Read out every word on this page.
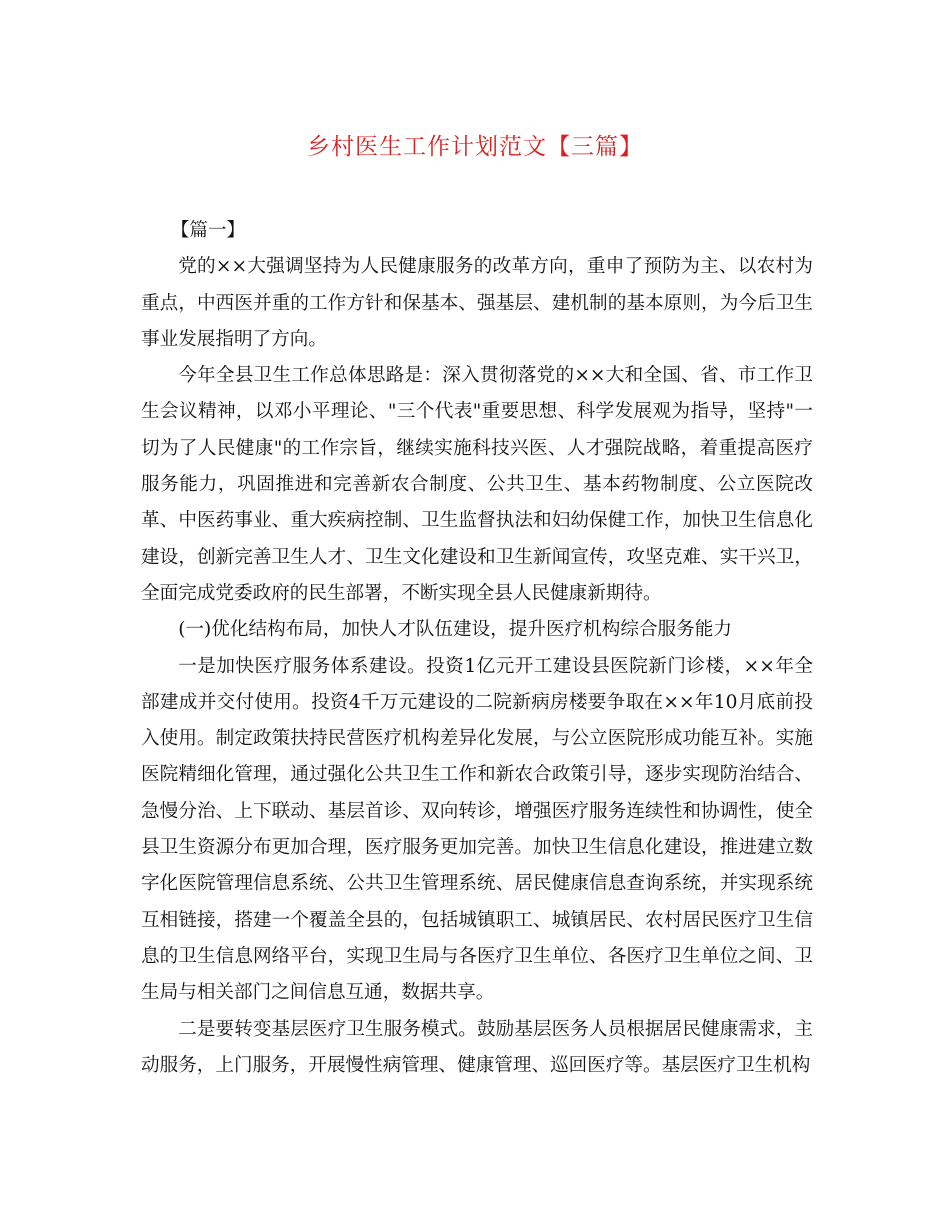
乡村医生工作计划范文【三篇】

【篇一】

党的××大强调坚持为人民健康服务的改革方向，重申了预防为主、以农村为重点，中西医并重的工作方针和保基本、强基层、建机制的基本原则，为今后卫生事业发展指明了方向。

今年全县卫生工作总体思路是：深入贯彻落党的××大和全国、省、市工作卫生会议精神，以邓小平理论、"三个代表"重要思想、科学发展观为指导，坚持"一切为了人民健康"的工作宗旨，继续实施科技兴医、人才强院战略，着重提高医疗服务能力，巩固推进和完善新农合制度、公共卫生、基本药物制度、公立医院改革、中医药事业、重大疾病控制、卫生监督执法和妇幼保健工作，加快卫生信息化建设，创新完善卫生人才、卫生文化建设和卫生新闻宣传，攻坚克难、实干兴卫，全面完成党委政府的民生部署，不断实现全县人民健康新期待。

(一)优化结构布局，加快人才队伍建设，提升医疗机构综合服务能力

一是加快医疗服务体系建设。投资1亿元开工建设县医院新门诊楼，××年全部建成并交付使用。投资4千万元建设的二院新病房楼要争取在××年10月底前投入使用。制定政策扶持民营医疗机构差异化发展，与公立医院形成功能互补。实施医院精细化管理，通过强化公共卫生工作和新农合政策引导，逐步实现防治结合、急慢分治、上下联动、基层首诊、双向转诊，增强医疗服务连续性和协调性，使全县卫生资源分布更加合理，医疗服务更加完善。加快卫生信息化建设，推进建立数字化医院管理信息系统、公共卫生管理系统、居民健康信息查询系统，并实现系统互相链接，搭建一个覆盖全县的，包括城镇职工、城镇居民、农村居民医疗卫生信息的卫生信息网络平台，实现卫生局与各医疗卫生单位、各医疗卫生单位之间、卫生局与相关部门之间信息互通，数据共享。

二是要转变基层医疗卫生服务模式。鼓励基层医务人员根据居民健康需求，主动服务，上门服务，开展慢性病管理、健康管理、巡回医疗等。基层医疗卫生机构
